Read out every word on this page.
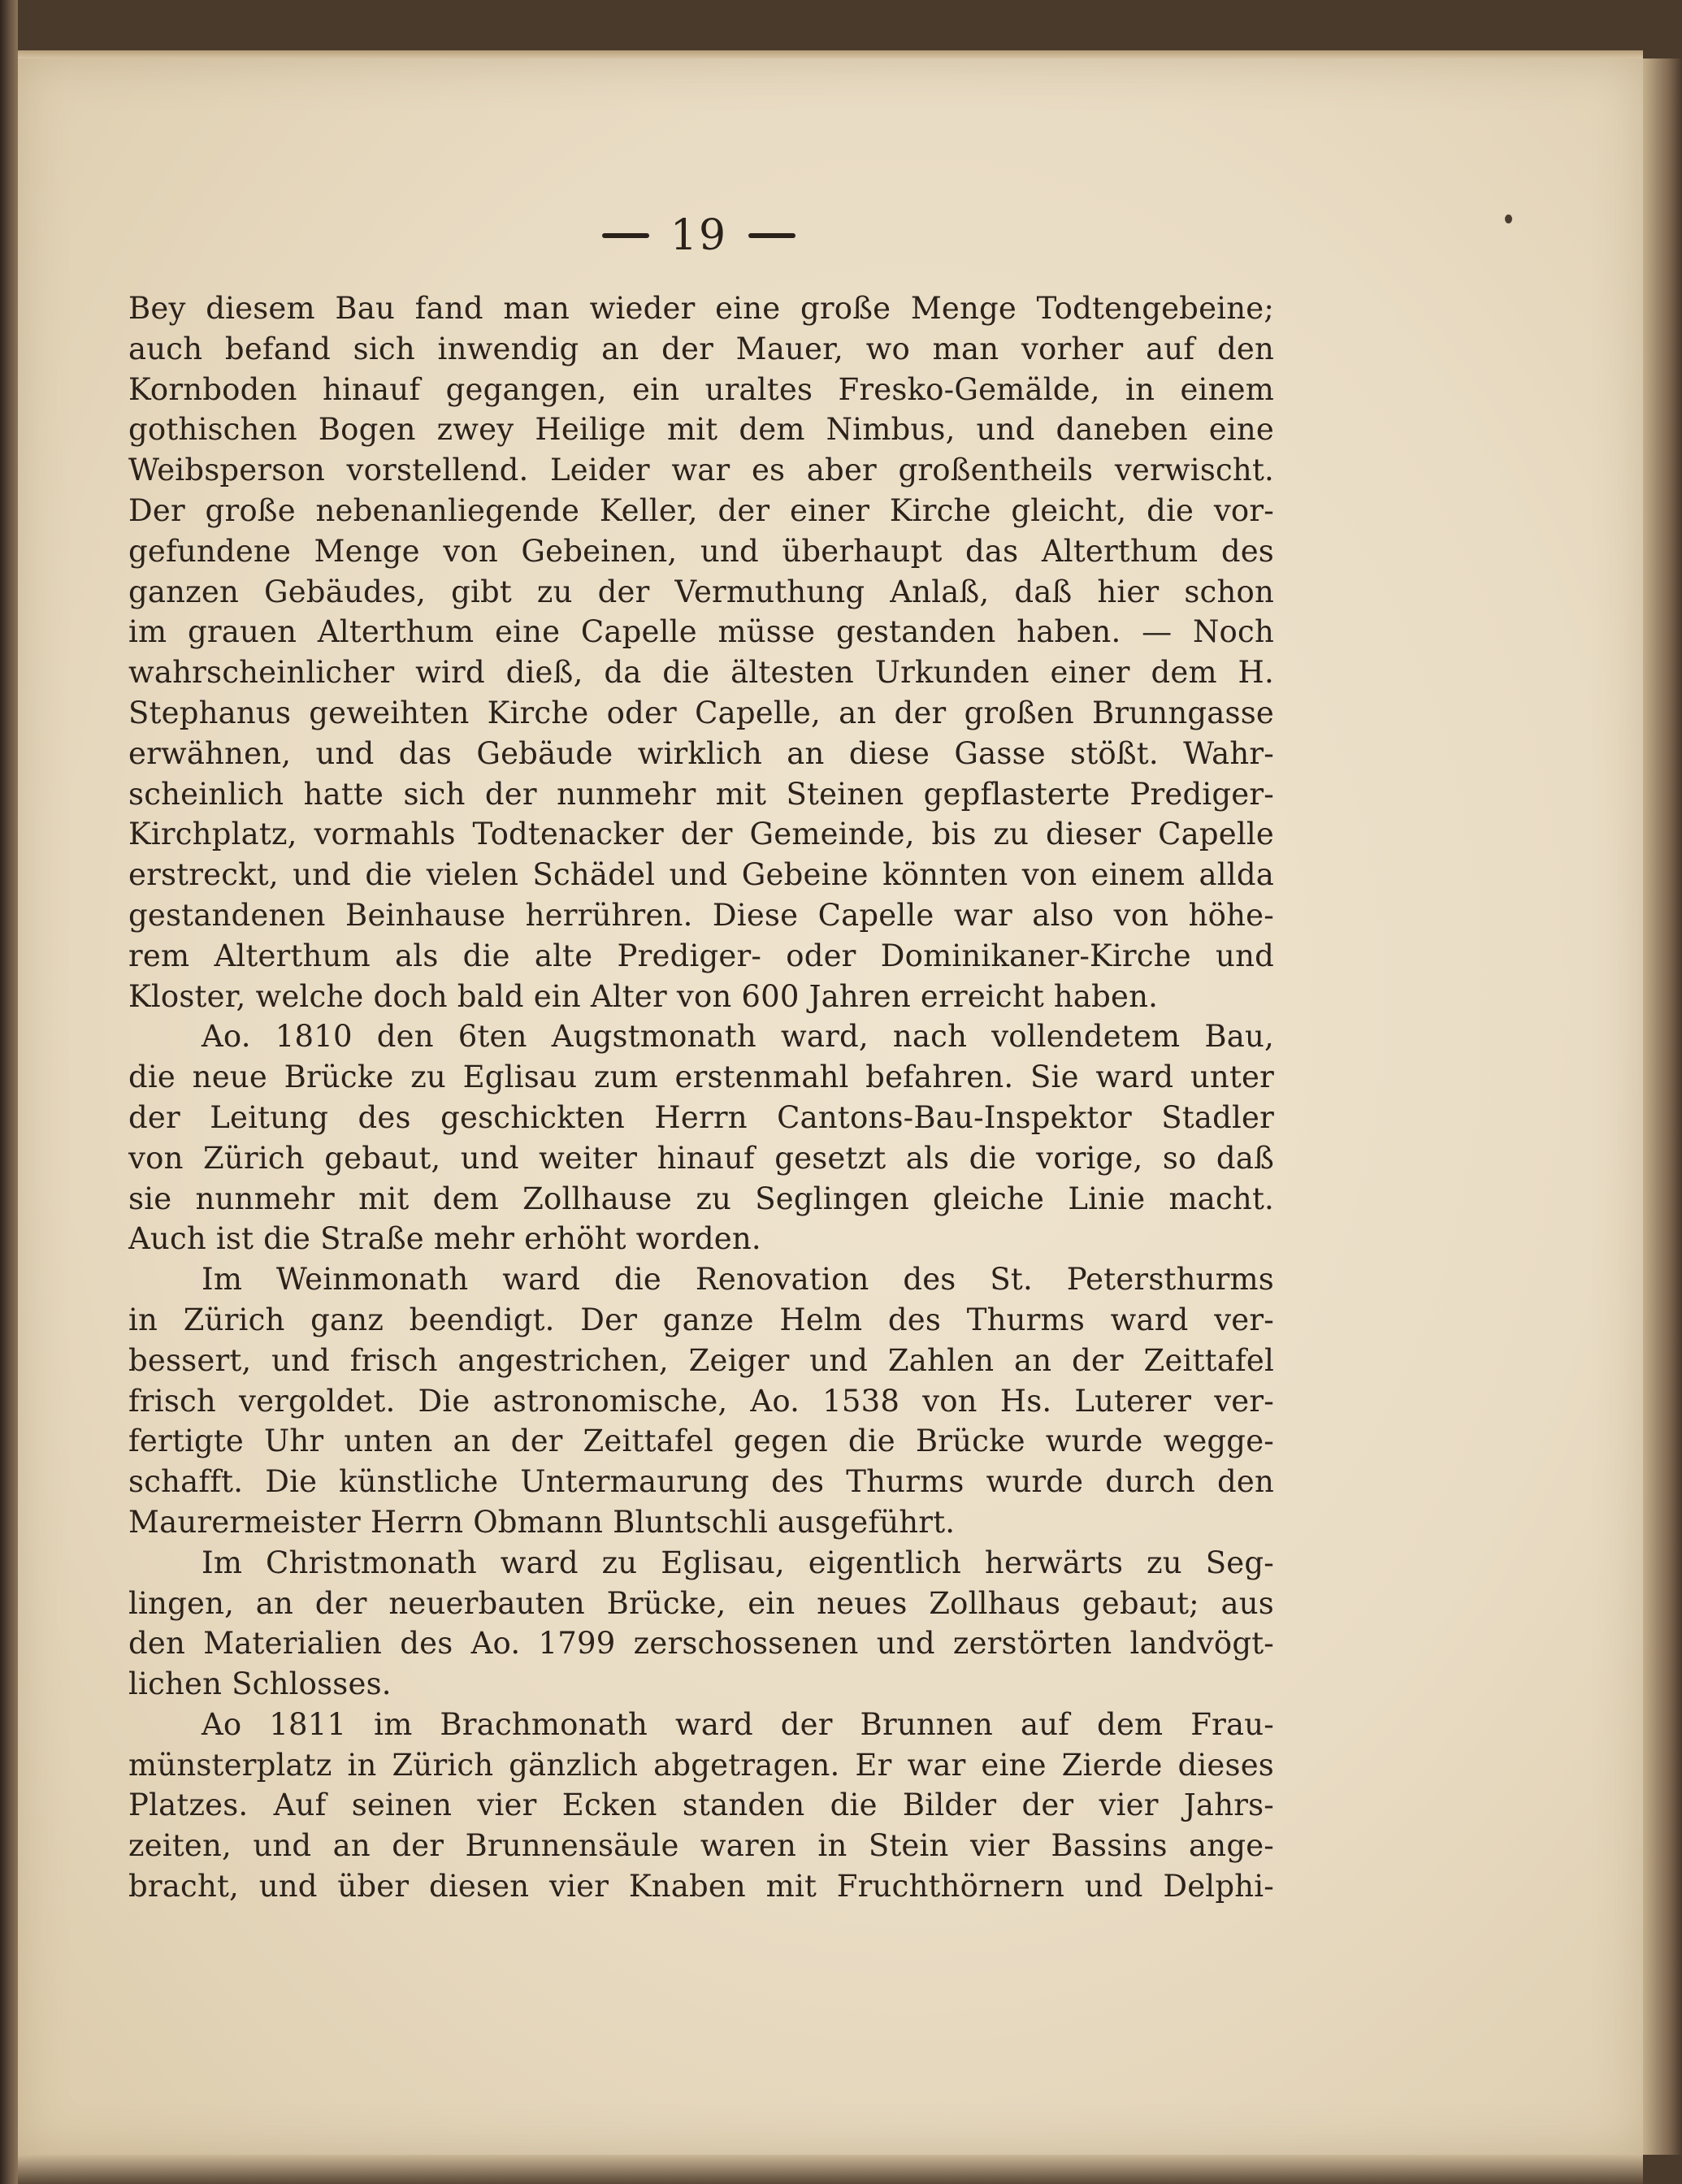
19
Bey diesem Bau fand man wieder eine große Menge Todtengebeine;
auch befand sich inwendig an der Mauer, wo man vorher auf den
Kornboden hinauf gegangen, ein uraltes Fresko-Gemälde, in einem
gothischen Bogen zwey Heilige mit dem Nimbus, und daneben eine
Weibsperson vorstellend. Leider war es aber großentheils verwischt.
Der große nebenanliegende Keller, der einer Kirche gleicht, die vor-
gefundene Menge von Gebeinen, und überhaupt das Alterthum des
ganzen Gebäudes, gibt zu der Vermuthung Anlaß, daß hier schon
im grauen Alterthum eine Capelle müsse gestanden haben. — Noch
wahrscheinlicher wird dieß, da die ältesten Urkunden einer dem H.
Stephanus geweihten Kirche oder Capelle, an der großen Brunngasse
erwähnen, und das Gebäude wirklich an diese Gasse stößt. Wahr-
scheinlich hatte sich der nunmehr mit Steinen gepflasterte Prediger-
Kirchplatz, vormahls Todtenacker der Gemeinde, bis zu dieser Capelle
erstreckt, und die vielen Schädel und Gebeine könnten von einem allda
gestandenen Beinhause herrühren. Diese Capelle war also von höhe-
rem Alterthum als die alte Prediger- oder Dominikaner-Kirche und
Kloster, welche doch bald ein Alter von 600 Jahren erreicht haben.
Ao. 1810 den 6ten Augstmonath ward, nach vollendetem Bau,
die neue Brücke zu Eglisau zum erstenmahl befahren. Sie ward unter
der Leitung des geschickten Herrn Cantons-Bau-Inspektor Stadler
von Zürich gebaut, und weiter hinauf gesetzt als die vorige, so daß
sie nunmehr mit dem Zollhause zu Seglingen gleiche Linie macht.
Auch ist die Straße mehr erhöht worden.
Im Weinmonath ward die Renovation des St. Petersthurms
in Zürich ganz beendigt. Der ganze Helm des Thurms ward ver-
bessert, und frisch angestrichen, Zeiger und Zahlen an der Zeittafel
frisch vergoldet. Die astronomische, Ao. 1538 von Hs. Luterer ver-
fertigte Uhr unten an der Zeittafel gegen die Brücke wurde wegge-
schafft. Die künstliche Untermaurung des Thurms wurde durch den
Maurermeister Herrn Obmann Bluntschli ausgeführt.
Im Christmonath ward zu Eglisau, eigentlich herwärts zu Seg-
lingen, an der neuerbauten Brücke, ein neues Zollhaus gebaut; aus
den Materialien des Ao. 1799 zerschossenen und zerstörten landvögt-
lichen Schlosses.
Ao 1811 im Brachmonath ward der Brunnen auf dem Frau-
münsterplatz in Zürich gänzlich abgetragen. Er war eine Zierde dieses
Platzes. Auf seinen vier Ecken standen die Bilder der vier Jahrs-
zeiten, und an der Brunnensäule waren in Stein vier Bassins ange-
bracht, und über diesen vier Knaben mit Fruchthörnern und Delphi-
